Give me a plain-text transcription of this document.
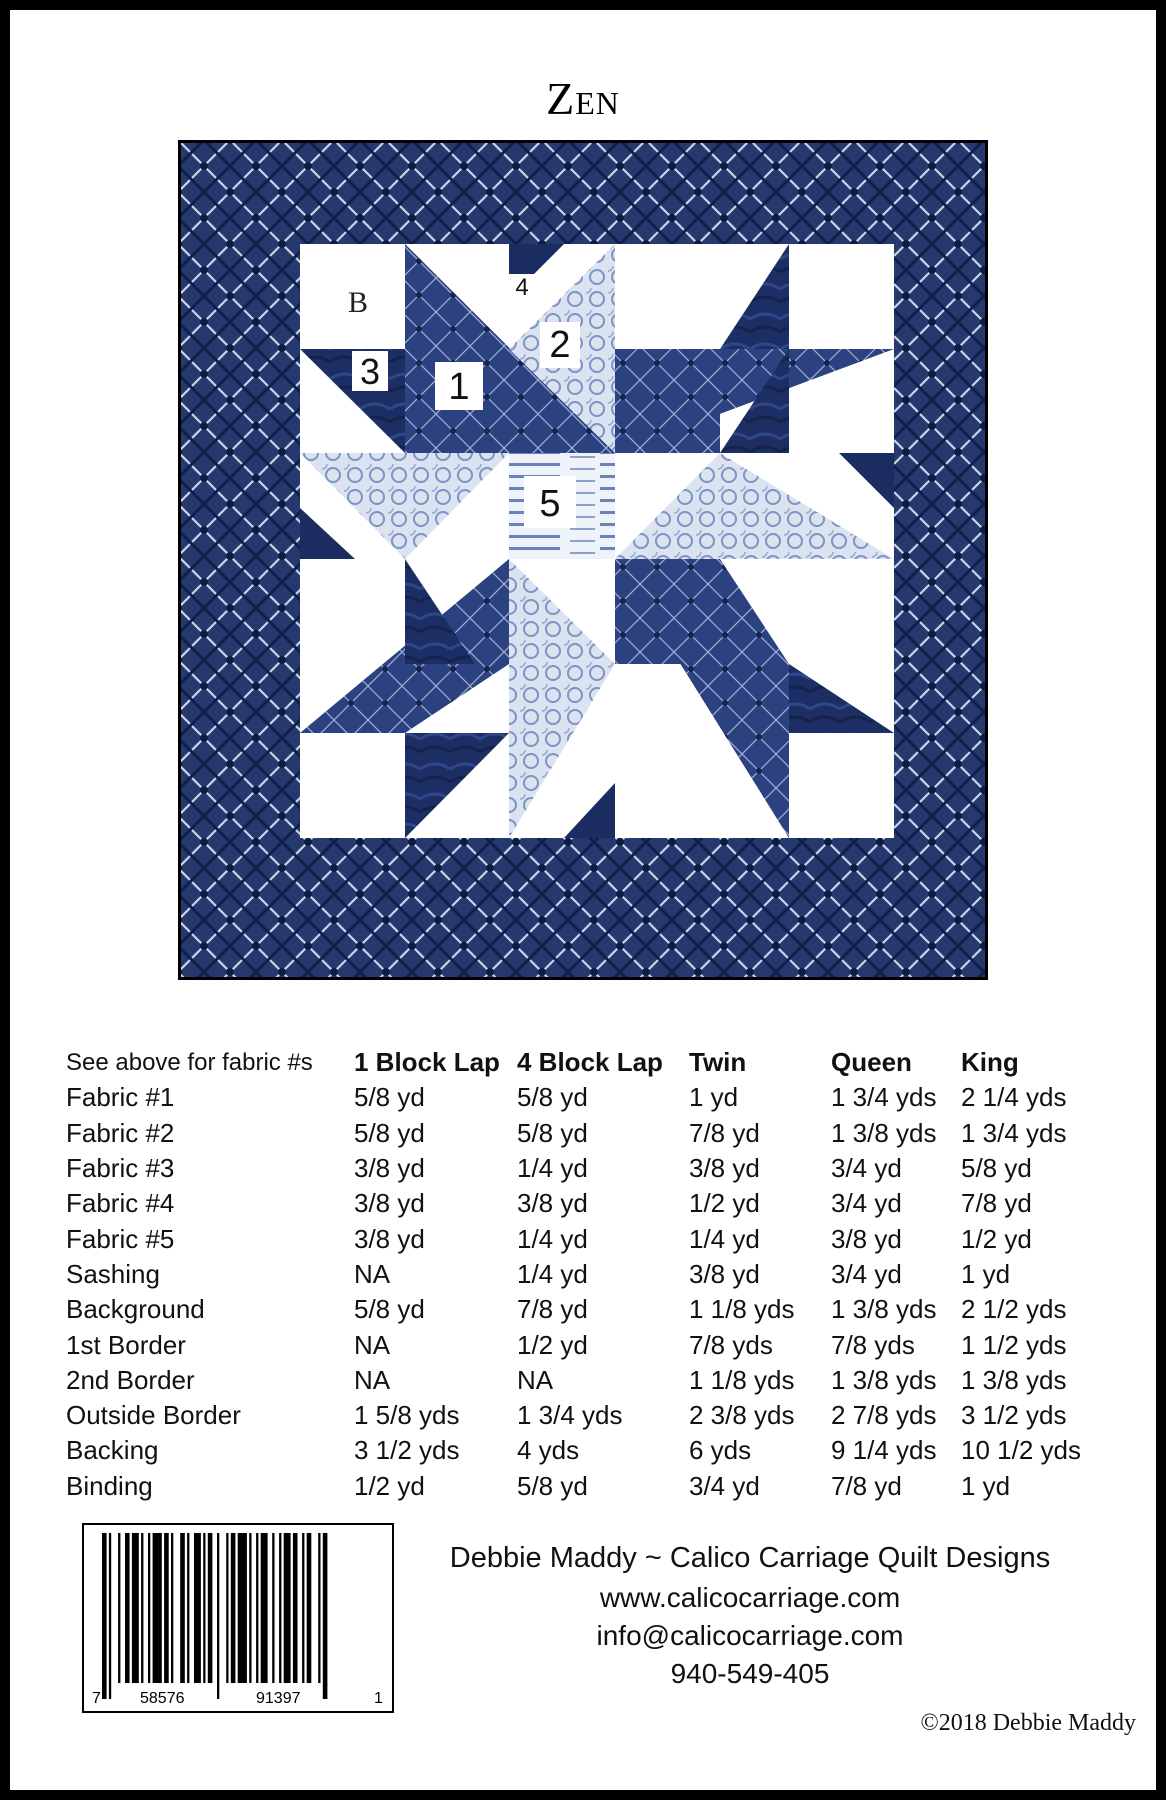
Zen
B
1
2
3
4
5
See above for fabric #s	1 Block Lap	4 Block Lap	Twin	Queen	King
Fabric #1	5/8 yd	5/8 yd	1 yd	1 3/4 yds	2 1/4 yds
Fabric #2	5/8 yd	5/8 yd	7/8 yd	1 3/8 yds	1 3/4 yds
Fabric #3	3/8 yd	1/4 yd	3/8 yd	3/4 yd	5/8 yd
Fabric #4	3/8 yd	3/8 yd	1/2 yd	3/4 yd	7/8 yd
Fabric #5	3/8 yd	1/4 yd	1/4 yd	3/8 yd	1/2 yd
Sashing	NA	1/4 yd	3/8 yd	3/4 yd	1 yd
Background	5/8 yd	7/8 yd	1 1/8 yds	1 3/8 yds	2 1/2 yds
1st Border	NA	1/2 yd	7/8 yds	7/8 yds	1 1/2 yds
2nd Border	NA	NA	1 1/8 yds	1 3/8 yds	1 3/8 yds
Outside Border	1 5/8 yds	1 3/4 yds	2 3/8 yds	2 7/8 yds	3 1/2 yds
Backing	3 1/2 yds	4 yds	6 yds	9 1/4 yds	10 1/2 yds
Binding	1/2 yd	5/8 yd	3/4 yd	7/8 yd	1 yd
7 58576	91397	1
Debbie Maddy ~ Calico Carriage Quilt Designs
www.calicocarriage.com
info@calicocarriage.com
940-549-405
©2018 Debbie Maddy
